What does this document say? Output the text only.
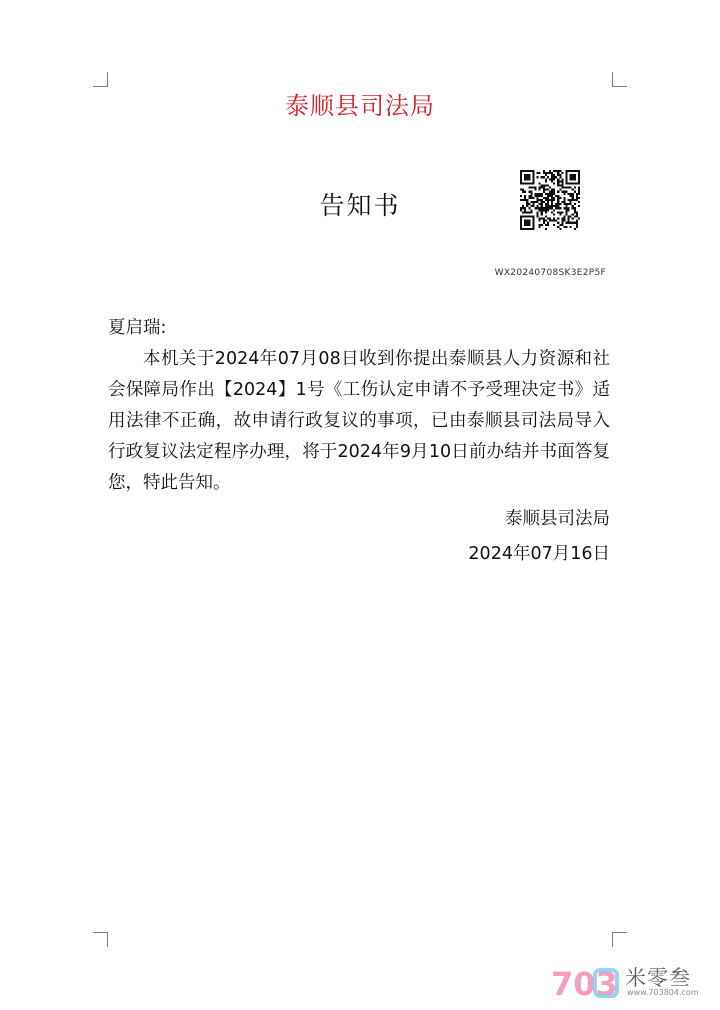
泰顺县司法局
告知书
WX20240708SK3E2P5F
夏启瑞:
本机关于2024年07月08日收到你提出泰顺县人力资源和社会保障局作出【2024】1号《工伤认定申请不予受理决定书》适用法律不正确，故申请行政复议的事项，已由泰顺县司法局导入行政复议法定程序办理，将于2024年9月10日前办结并书面答复您，特此告知。
泰顺县司法局
2024年07月16日
703 米零叁
www.703804.com
